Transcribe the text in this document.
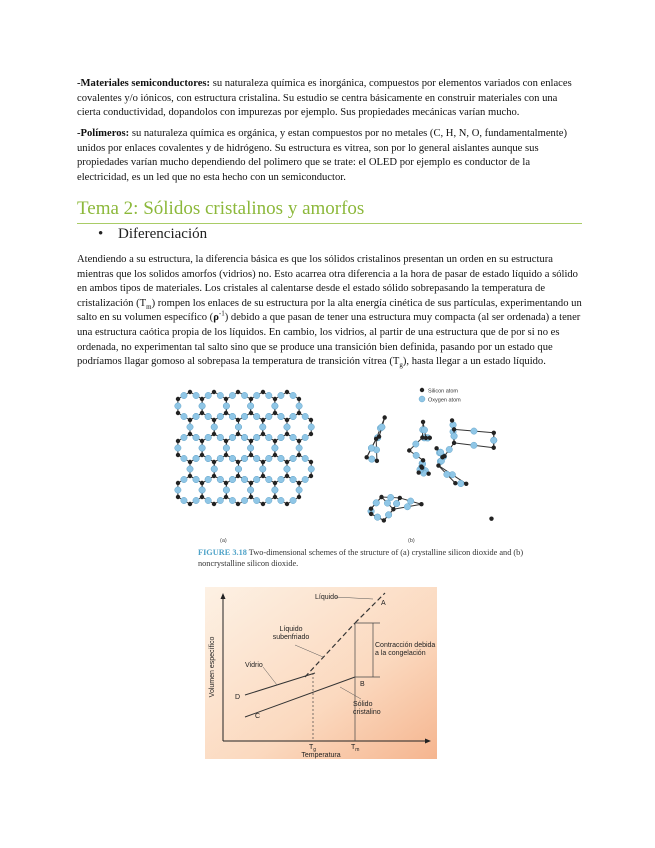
-Materiales semiconductores: su naturaleza química es inorgánica, compuestos por elementos variados con enlaces covalentes y/o iónicos, con estructura cristalina. Su estudio se centra básicamente en construir materiales con una cierta conductividad, dopandolos con impurezas por ejemplo. Sus propiedades mecánicas varían mucho.
-Polímeros: su naturaleza química es orgánica, y estan compuestos por no metales (C, H, N, O, fundamentalmente) unidos por enlaces covalentes y de hidrógeno. Su estructura es vitrea, son por lo general aislantes aunque sus propiedades varían mucho dependiendo del polimero que se trate: el OLED por ejemplo es conductor de la electricidad, es un led que no esta hecho con un semiconductor.
Tema 2: Sólidos cristalinos y amorfos
• Diferenciación
Atendiendo a su estructura, la diferencia básica es que los sólidos cristalinos presentan un orden en su estructura mientras que los solidos amorfos (vidrios) no. Esto acarrea otra diferencia a la hora de pasar de estado líquido a sólido en ambos tipos de materiales. Los cristales al calentarse desde el estado sólido sobrepasando la temperatura de cristalización $(T_m)$ rompen los enlaces de su estructura por la alta energía cinética de sus partículas, experimentando un salto en su volumen específico $(\rho^{-1})$ debido a que pasan de tener una estructura muy compacta (al ser ordenada) a tener una estructura caótica propia de los líquidos. En cambio, los vidrios, al partir de una estructura que de por si no es ordenada, no experimentan tal salto sino que se produce una transición bien definida, pasando por un estado que podríamos llagar gomoso al sobrepasa la temperatura de transición vítrea $(T_g)$, hasta llegar a un estado líquido.
Silicon atom
Oxygen atom
(a)	(b)
FIGURE 3.18 Two-dimensional schemes of the structure of (a) crystalline silicon dioxide and (b) noncrystalline silicon dioxide.
Líquido
A
Líquido
subenfriado
Vidrio
Contracción debida
a la congelación
B
D
C
Sólido
cristalino
$T_g$	$T_m$
Temperatura
Volumen específico
